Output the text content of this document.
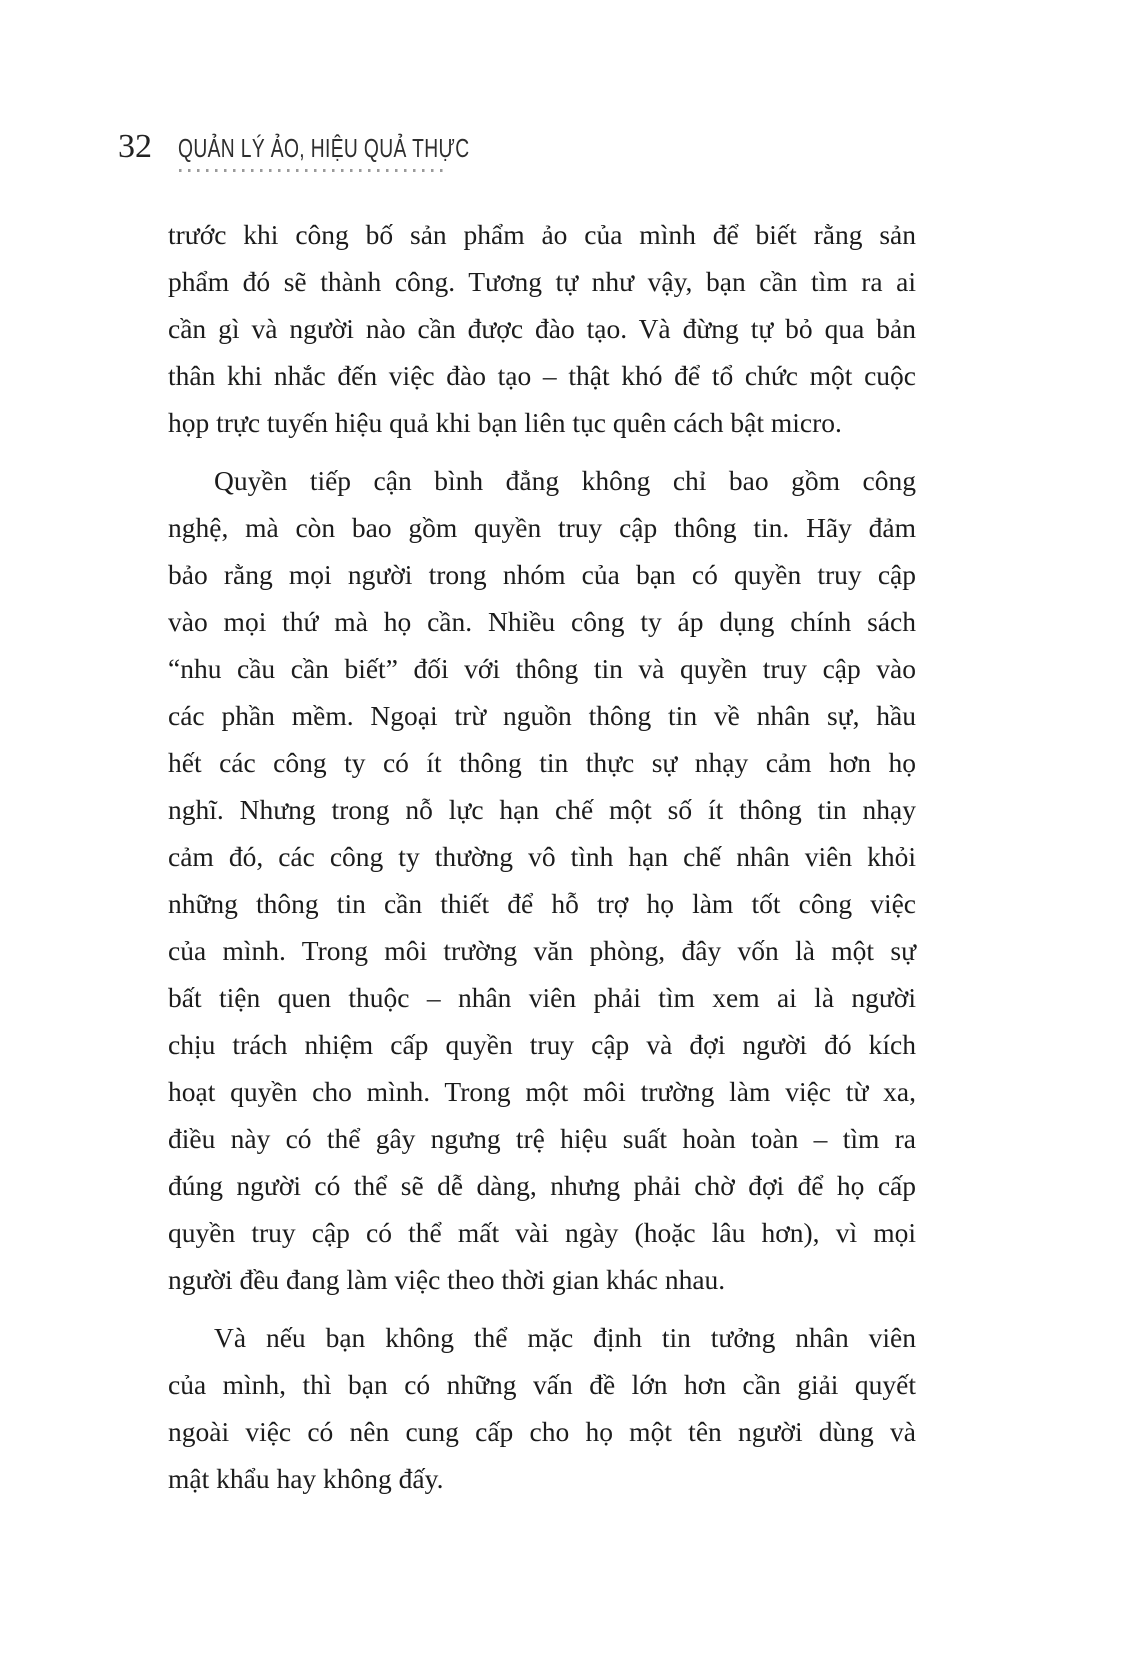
32 QUẢN LÝ ẢO, HIỆU QUẢ THỰC
trước khi công bố sản phẩm ảo của mình để biết rằng sản
phẩm đó sẽ thành công. Tương tự như vậy, bạn cần tìm ra ai
cần gì và người nào cần được đào tạo. Và đừng tự bỏ qua bản
thân khi nhắc đến việc đào tạo – thật khó để tổ chức một cuộc
họp trực tuyến hiệu quả khi bạn liên tục quên cách bật micro.
Quyền tiếp cận bình đẳng không chỉ bao gồm công
nghệ, mà còn bao gồm quyền truy cập thông tin. Hãy đảm
bảo rằng mọi người trong nhóm của bạn có quyền truy cập
vào mọi thứ mà họ cần. Nhiều công ty áp dụng chính sách
“nhu cầu cần biết” đối với thông tin và quyền truy cập vào
các phần mềm. Ngoại trừ nguồn thông tin về nhân sự, hầu
hết các công ty có ít thông tin thực sự nhạy cảm hơn họ
nghĩ. Nhưng trong nỗ lực hạn chế một số ít thông tin nhạy
cảm đó, các công ty thường vô tình hạn chế nhân viên khỏi
những thông tin cần thiết để hỗ trợ họ làm tốt công việc
của mình. Trong môi trường văn phòng, đây vốn là một sự
bất tiện quen thuộc – nhân viên phải tìm xem ai là người
chịu trách nhiệm cấp quyền truy cập và đợi người đó kích
hoạt quyền cho mình. Trong một môi trường làm việc từ xa,
điều này có thể gây ngưng trệ hiệu suất hoàn toàn – tìm ra
đúng người có thể sẽ dễ dàng, nhưng phải chờ đợi để họ cấp
quyền truy cập có thể mất vài ngày (hoặc lâu hơn), vì mọi
người đều đang làm việc theo thời gian khác nhau.
Và nếu bạn không thể mặc định tin tưởng nhân viên
của mình, thì bạn có những vấn đề lớn hơn cần giải quyết
ngoài việc có nên cung cấp cho họ một tên người dùng và
mật khẩu hay không đấy.
